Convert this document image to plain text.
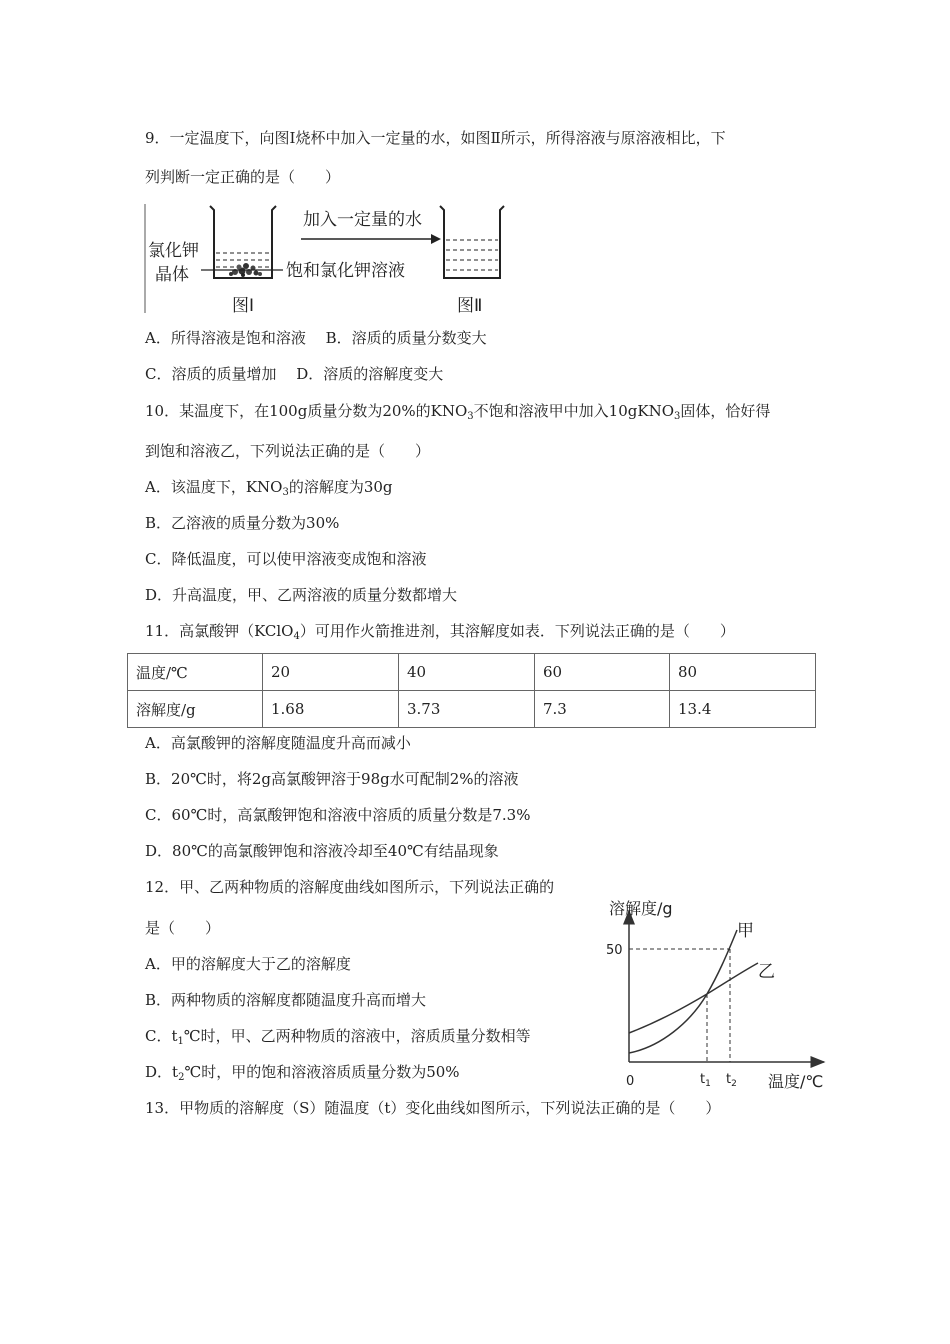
9．一定温度下，向图Ⅰ烧杯中加入一定量的水，如图Ⅱ所示，所得溶液与原溶液相比，下
列判断一定正确的是（　　）
氯化钾
晶体	饱和氯化钾溶液
加入一定量的水
图Ⅰ	图Ⅱ
A．所得溶液是饱和溶液　 B．溶质的质量分数变大
C．溶质的质量增加　 D．溶质的溶解度变大
10．某温度下，在100g质量分数为20%的$KNO_3$不饱和溶液甲中加入10gKNO$_3$固体，恰好得
到饱和溶液乙，下列说法正确的是（　　）
A．该温度下，$KNO_3$的溶解度为30g
B．乙溶液的质量分数为30%
C．降低温度，可以使甲溶液变成饱和溶液
D．升高温度，甲、乙两溶液的质量分数都增大
11．高氯酸钾（KClO$_4$）可用作火箭推进剂，其溶解度如表．下列说法正确的是（　　）
温度/℃	20	40	60	80
溶解度/g	1.68	3.73	7.3	13.4
A．高氯酸钾的溶解度随温度升高而减小
B．20℃时，将2g高氯酸钾溶于98g水可配制2%的溶液
C．60℃时，高氯酸钾饱和溶液中溶质的质量分数是7.3%
D．80℃的高氯酸钾饱和溶液冷却至40℃有结晶现象
12．甲、乙两种物质的溶解度曲线如图所示，下列说法正确的
是（　　）
A．甲的溶解度大于乙的溶解度
B．两种物质的溶解度都随温度升高而增大
C．$t_1℃$时，甲、乙两种物质的溶液中，溶质质量分数相等
D．$t_2℃$时，甲的饱和溶液溶质质量分数为50%
溶解度/g
温度/℃
0
50
甲
乙
$t_1$ $t_2$
13．甲物质的溶解度（S）随温度（t）变化曲线如图所示，下列说法正确的是（　　）
